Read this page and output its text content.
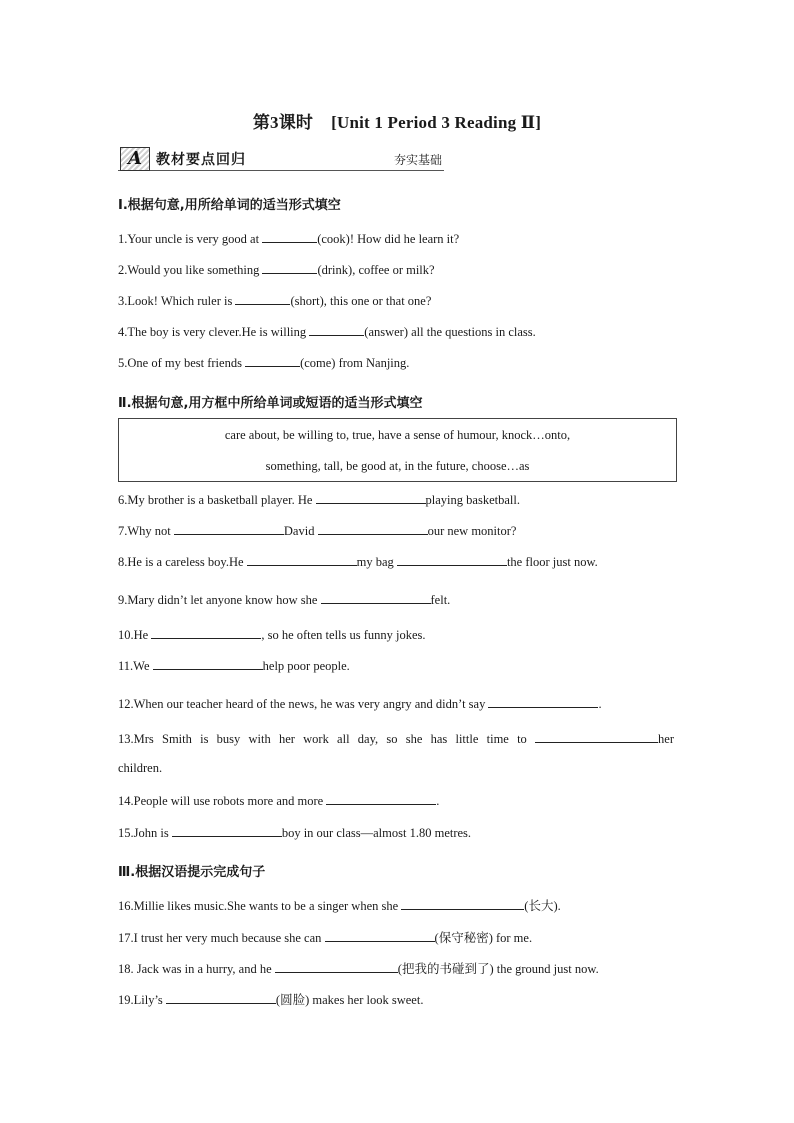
第3课时 [Unit 1 Period 3 Reading Ⅱ]
A	教材要点回归	夯实基础
Ⅰ.根据句意,用所给单词的适当形式填空
1.Your uncle is very good at	(cook)! How did he learn it?
2.Would you like something	(drink), coffee or milk?
3.Look! Which ruler is	(short), this one or that one?
4.The boy is very clever.He is willing	(answer) all the questions in class.
5.One of my best friends	(come) from Nanjing.
Ⅱ.根据句意,用方框中所给单词或短语的适当形式填空
care about, be willing to, true, have a sense of humour, knock…onto,
something, tall, be good at, in the future, choose…as
6.My brother is a basketball player. He	playing basketball.
7.Why not	David	our new monitor?
8.He is a careless boy.He	my bag	the floor just now.
9.Mary didn’t let anyone know how she	felt.
10.He	, so he often tells us funny jokes.
11.We	help poor people.
12.When our teacher heard of the news, he was very angry and didn’t say	.
13.Mrs Smith is busy with her work all day, so she has little time to	her
children.
14.People will use robots more and more	.
15.John is	boy in our class—almost 1.80 metres.
Ⅲ.根据汉语提示完成句子
16.Millie likes music.She wants to be a singer when she	(长大).
17.I trust her very much because she can	(保守秘密) for me.
18. Jack was in a hurry, and he	(把我的书碰到了) the ground just now.
19.Lily’s	(圆脸) makes her look sweet.
